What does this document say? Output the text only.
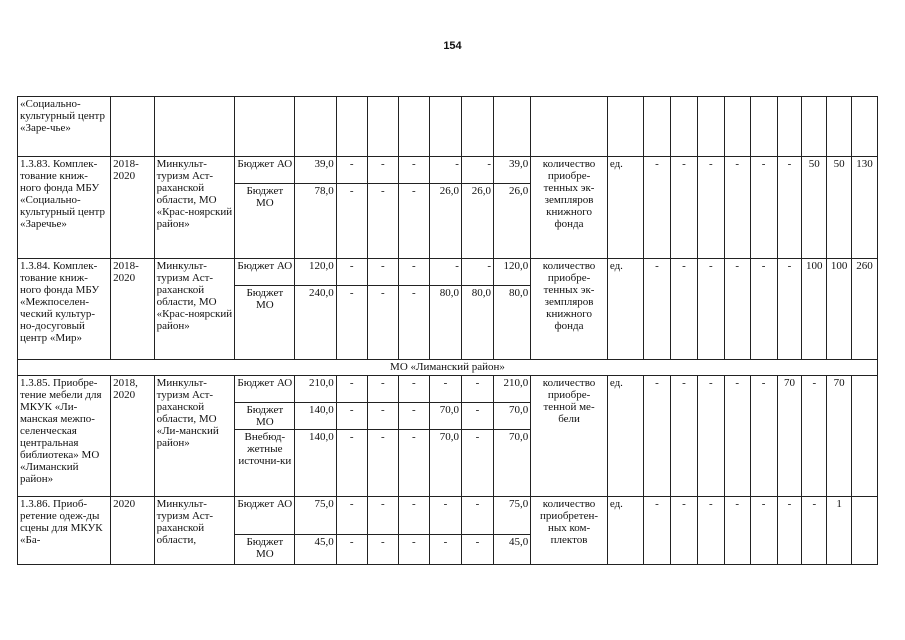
154
«Социально-культурный центр «Заре-чье»																					
1.3.83. Комплек-тование книж-ного фонда МБУ «Социально-культурный центр «Заречье»	2018-2020	Минкульт-туризм Аст-раханской области, МО «Крас-ноярский район»	Бюджет АО	39,0	-	-	-	-	-	39,0	количество приобре-тенных эк-земпляров книжного фонда	ед.	-	-	-	-	-	-	50	50	130
			Бюджет МО	78,0	-	-	-	26,0	26,0	26,0											
1.3.84. Комплек-тование книж-ного фонда МБУ «Межпоселен-ческий культур-но-досуговый центр «Мир»	2018-2020	Минкульт-туризм Аст-раханской области, МО «Крас-ноярский район»	Бюджет АО	120,0	-	-	-	-	-	120,0	количество приобре-тенных эк-земпляров книжного фонда	ед.	-	-	-	-	-	-	100	100	260
			Бюджет МО	240,0	-	-	-	80,0	80,0	80,0											
МО «Лиманский район»																					
1.3.85. Приобре-тение мебели для МКУК «Ли-манская межпо-селенческая центральная библиотека» МО «Лиманский район»	2018, 2020	Минкульт-туризм Аст-раханской области, МО «Ли-манский район»	Бюджет АО	210,0	-	-	-	-	-	210,0	количество приобре-тенной ме-бели	ед.	-	-	-	-	-	70	-	70	
			Бюджет МО	140,0	-	-	-	70,0	-	70,0											
			Внебюд-жетные источни-ки	140,0	-	-	-	70,0	-	70,0											
1.3.86. Приоб-ретение одеж-ды сцены для МКУК «Ба-	2020	Минкульт-туризм Аст-раханской области,	Бюджет АО	75,0	-	-	-	-	-	75,0	количество приобретен-ных ком-плектов	ед.	-	-	-	-	-	-	-	1	
			Бюджет МО	45,0	-	-	-	-	-	45,0											
